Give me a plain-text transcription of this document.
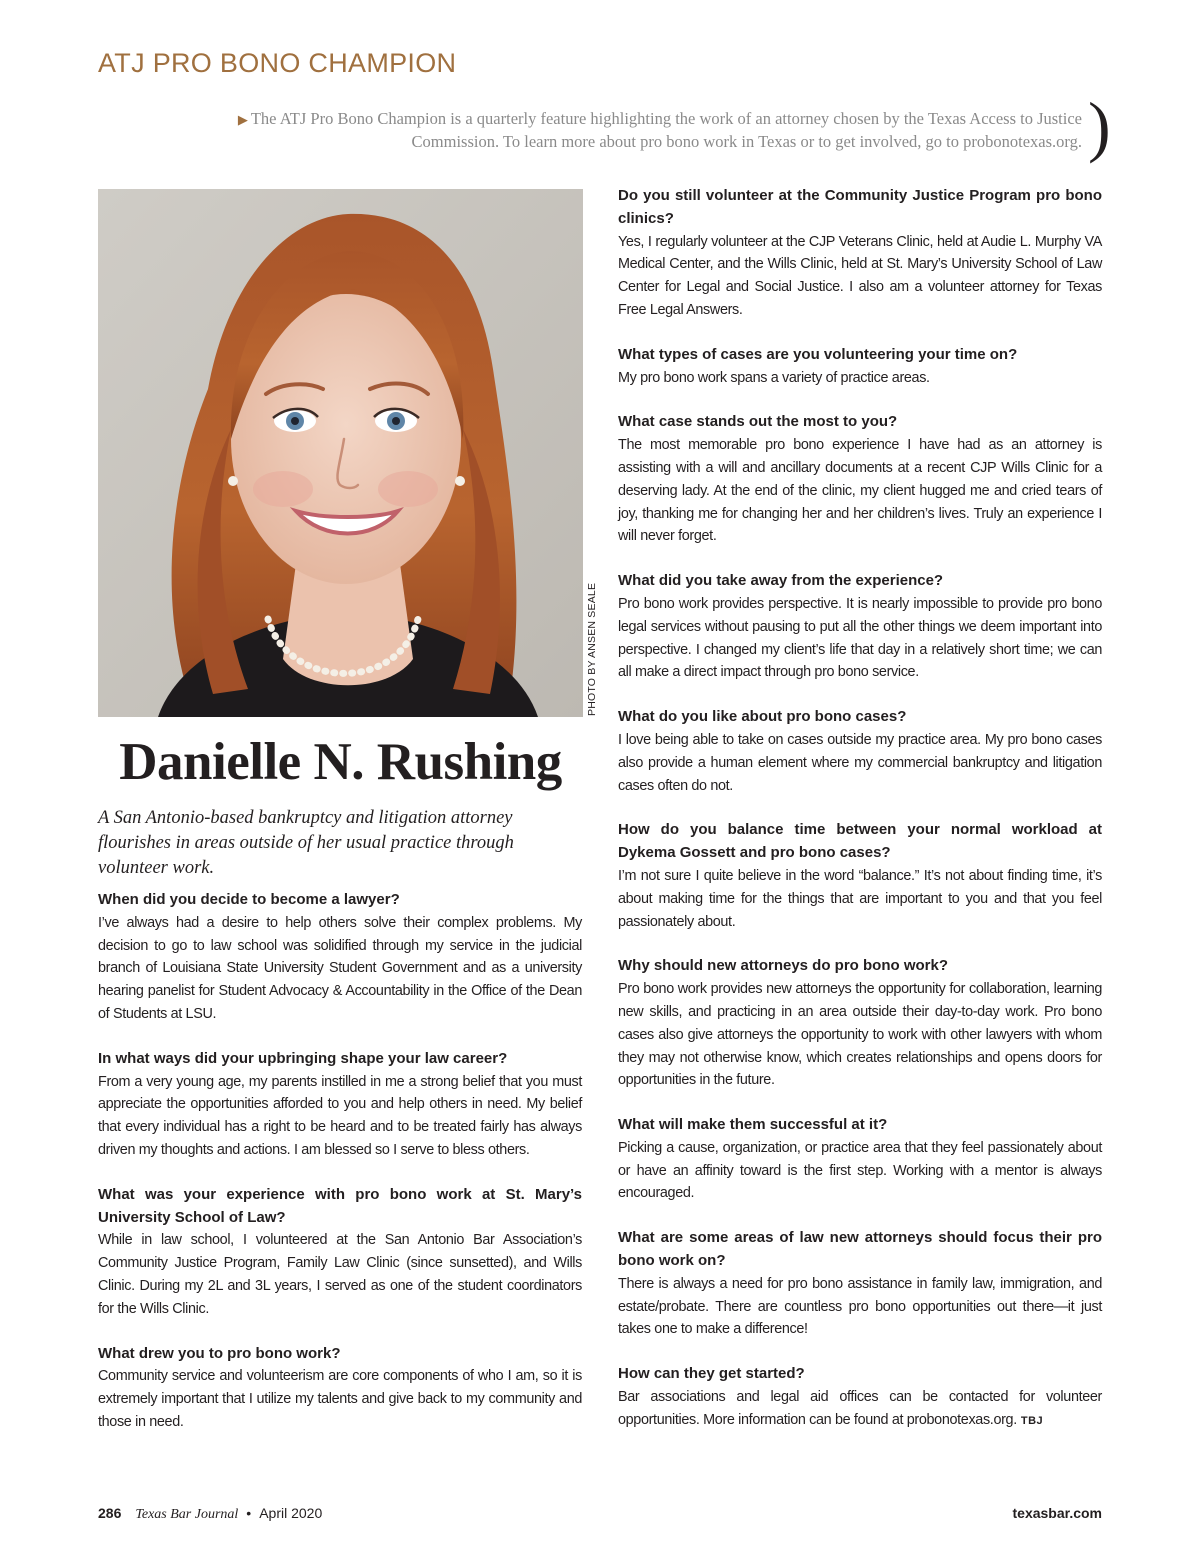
ATJ PRO BONO CHAMPION
▶ The ATJ Pro Bono Champion is a quarterly feature highlighting the work of an attorney chosen by the Texas Access to Justice Commission. To learn more about pro bono work in Texas or to get involved, go to probonotexas.org. )
PHOTO BY ANSEN SEALE
Danielle N. Rushing
A San Antonio-based bankruptcy and litigation attorney flourishes in areas outside of her usual practice through volunteer work.
When did you decide to become a lawyer?
I’ve always had a desire to help others solve their complex problems. My decision to go to law school was solidified through my service in the judicial branch of Louisiana State University Student Government and as a university hearing panelist for Student Advocacy & Accountability in the Office of the Dean of Students at LSU.
In what ways did your upbringing shape your law career?
From a very young age, my parents instilled in me a strong belief that you must appreciate the opportunities afforded to you and help others in need. My belief that every individual has a right to be heard and to be treated fairly has always driven my thoughts and actions. I am blessed so I serve to bless others.
What was your experience with pro bono work at St. Mary’s University School of Law?
While in law school, I volunteered at the San Antonio Bar Association’s Community Justice Program, Family Law Clinic (since sunsetted), and Wills Clinic. During my 2L and 3L years, I served as one of the student coordinators for the Wills Clinic.
What drew you to pro bono work?
Community service and volunteerism are core components of who I am, so it is extremely important that I utilize my talents and give back to my community and those in need.
Do you still volunteer at the Community Justice Program pro bono clinics?
Yes, I regularly volunteer at the CJP Veterans Clinic, held at Audie L. Murphy VA Medical Center, and the Wills Clinic, held at St. Mary’s University School of Law Center for Legal and Social Justice. I also am a volunteer attorney for Texas Free Legal Answers.
What types of cases are you volunteering your time on?
My pro bono work spans a variety of practice areas.
What case stands out the most to you?
The most memorable pro bono experience I have had as an attorney is assisting with a will and ancillary documents at a recent CJP Wills Clinic for a deserving lady. At the end of the clinic, my client hugged me and cried tears of joy, thanking me for changing her and her children’s lives. Truly an experience I will never forget.
What did you take away from the experience?
Pro bono work provides perspective. It is nearly impossible to provide pro bono legal services without pausing to put all the other things we deem important into perspective. I changed my client’s life that day in a relatively short time; we can all make a direct impact through pro bono service.
What do you like about pro bono cases?
I love being able to take on cases outside my practice area. My pro bono cases also provide a human element where my commercial bankruptcy and litigation cases often do not.
How do you balance time between your normal workload at Dykema Gossett and pro bono cases?
I’m not sure I quite believe in the word “balance.” It’s not about finding time, it’s about making time for the things that are important to you and that you feel passionately about.
Why should new attorneys do pro bono work?
Pro bono work provides new attorneys the opportunity for collaboration, learning new skills, and practicing in an area outside their day-to-day work. Pro bono cases also give attorneys the opportunity to work with other lawyers with whom they may not otherwise know, which creates relationships and opens doors for opportunities in the future.
What will make them successful at it?
Picking a cause, organization, or practice area that they feel passionately about or have an affinity toward is the first step. Working with a mentor is always encouraged.
What are some areas of law new attorneys should focus their pro bono work on?
There is always a need for pro bono assistance in family law, immigration, and estate/probate. There are countless pro bono opportunities out there—it just takes one to make a difference!
How can they get started?
Bar associations and legal aid offices can be contacted for volunteer opportunities. More information can be found at probonotexas.org. TBJ
286 Texas Bar Journal • April 2020	texasbar.com
